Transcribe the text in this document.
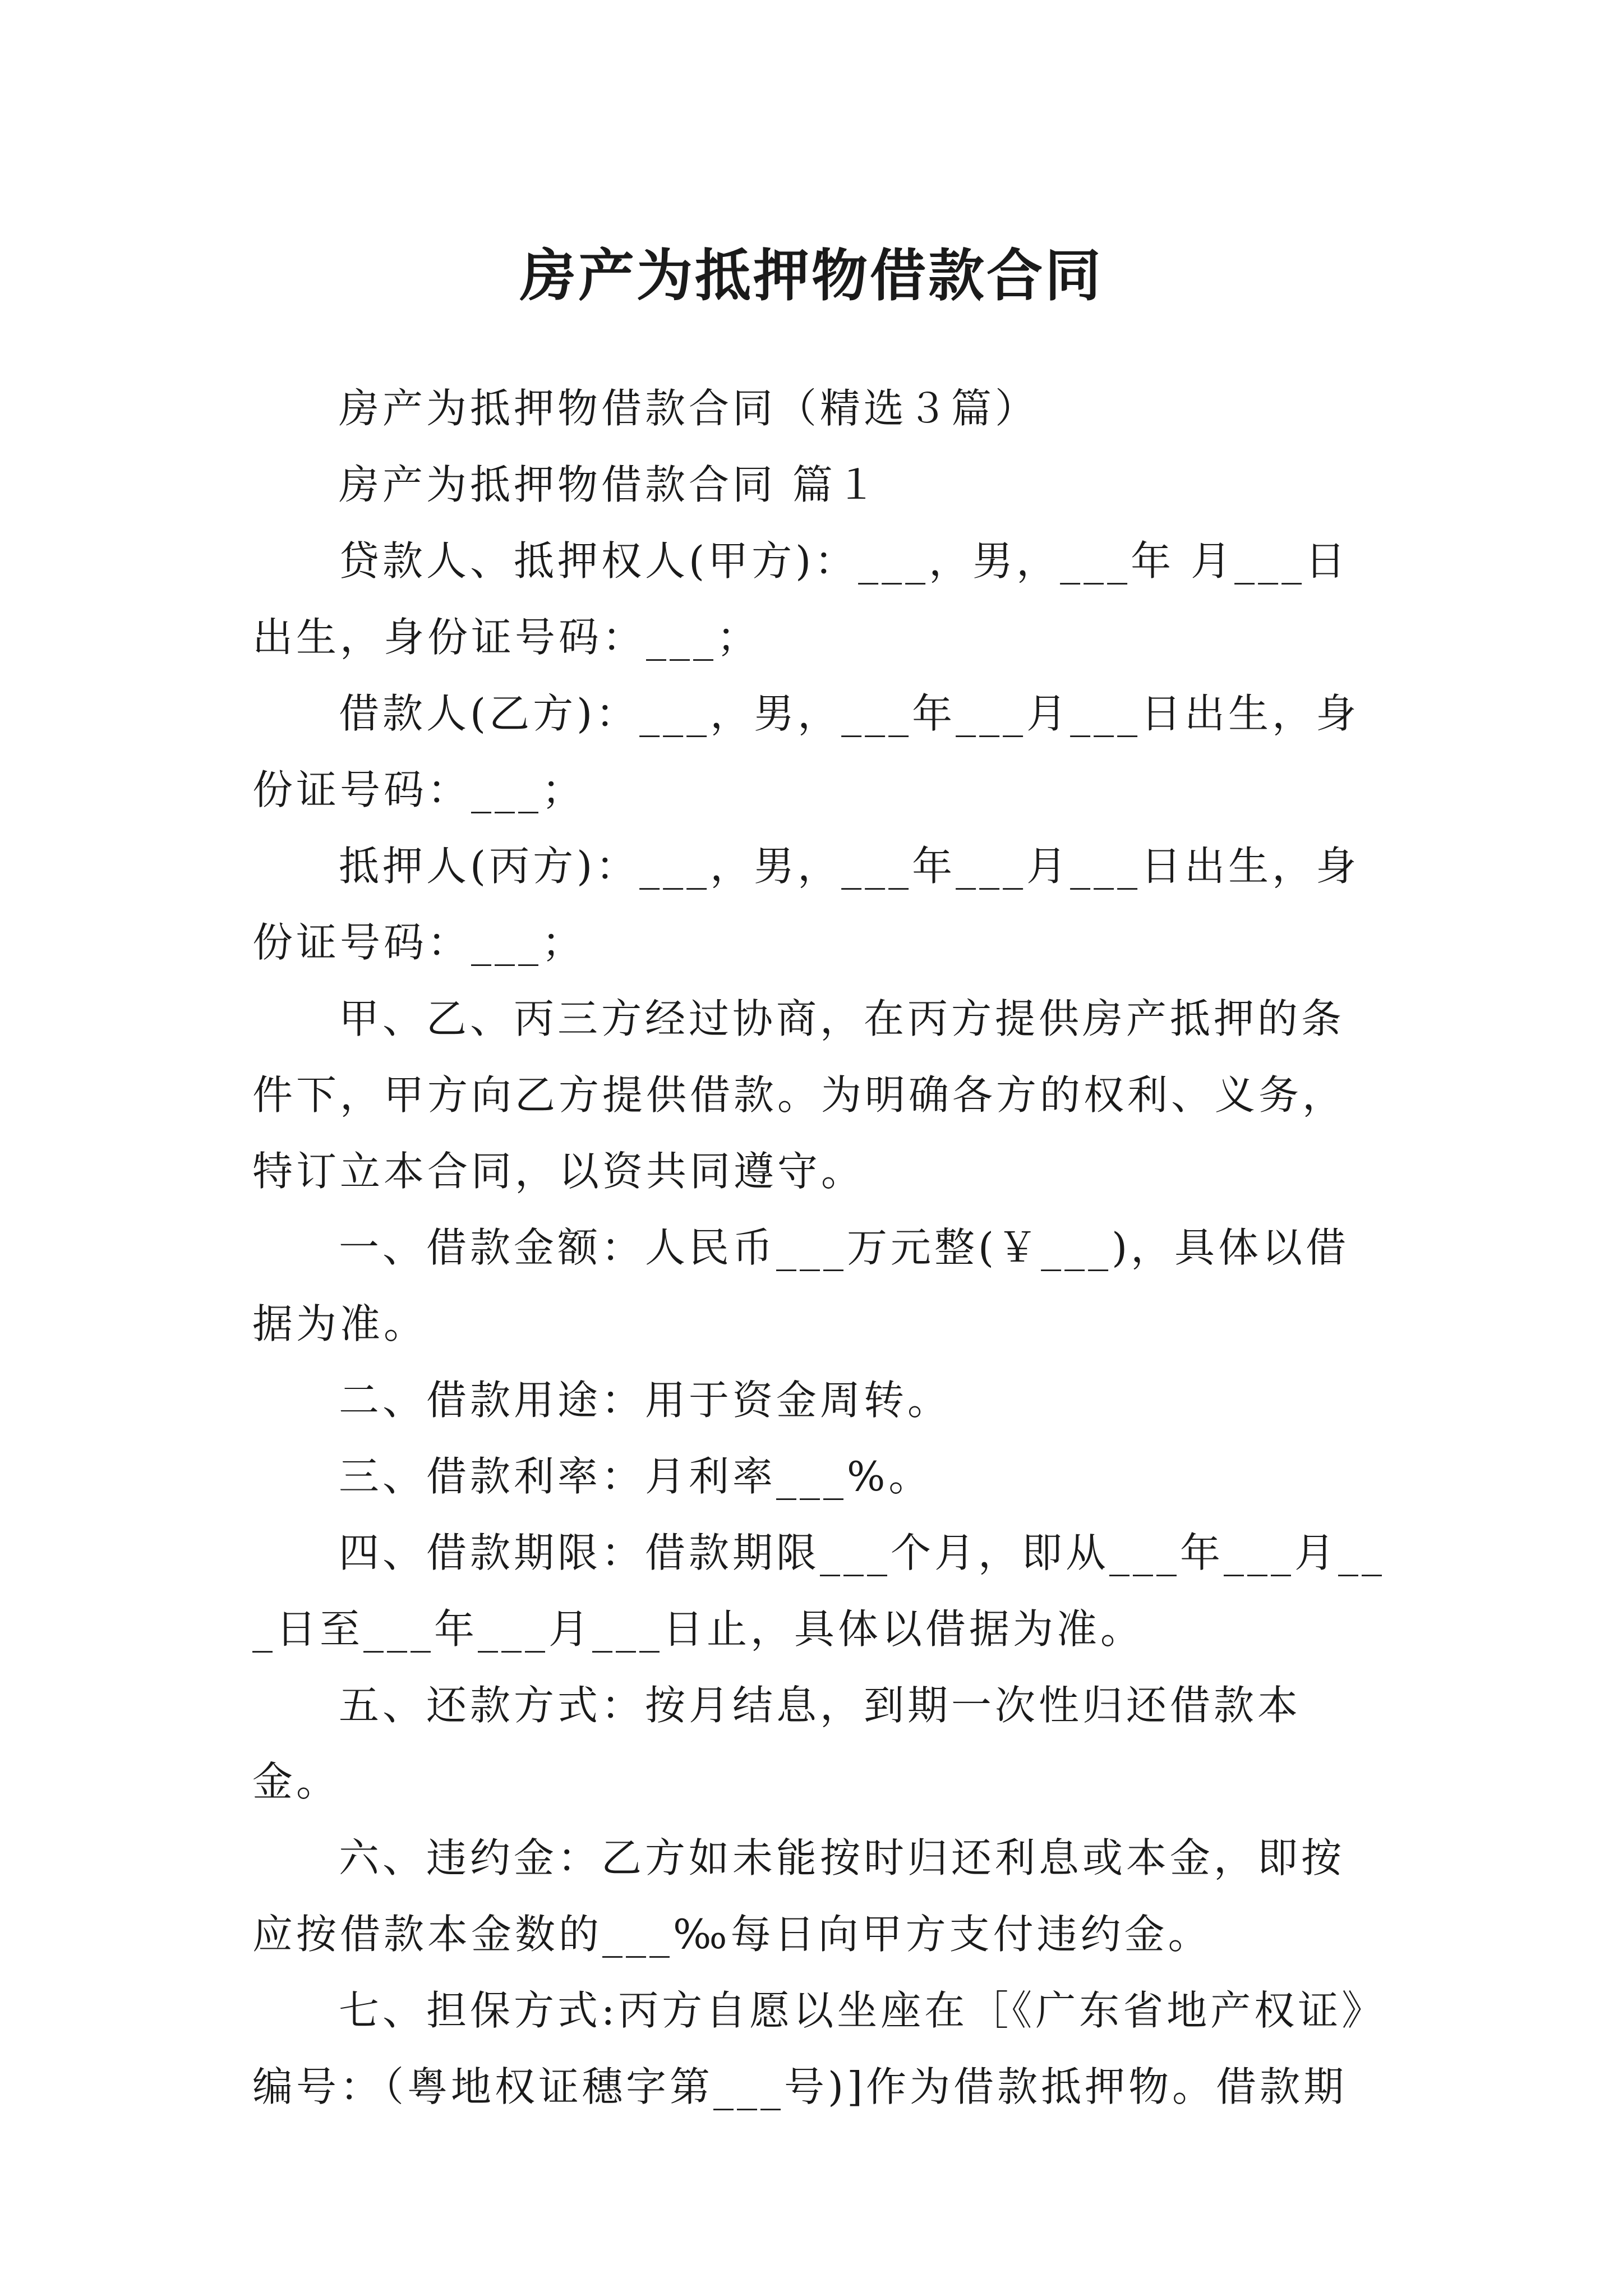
房产为抵押物借款合同

房产为抵押物借款合同（精选３篇）

房产为抵押物借款合同 篇１

贷款人、抵押权人(甲方)：___，男，___年 月___日出生，身份证号码：___；

借款人(乙方)：___，男，___年___月___日出生，身份证号码：___；

抵押人(丙方)：___，男，___年___月___日出生，身份证号码：___；

甲、乙、丙三方经过协商，在丙方提供房产抵押的条件下，甲方向乙方提供借款。为明确各方的权利、义务，特订立本合同，以资共同遵守。

一、借款金额：人民币___万元整(￥___)，具体以借据为准。

二、借款用途：用于资金周转。

三、借款利率：月利率___%。

四、借款期限：借款期限___个月，即从___年___月___日至___年___月___日止，具体以借据为准。

五、还款方式：按月结息，到期一次性归还借款本金。

六、违约金：乙方如未能按时归还利息或本金，即按应按借款本金数的___‰每日向甲方支付违约金。

七、担保方式:丙方自愿以坐座在［《广东省地产权证》编号：（粤地权证穗字第___号)]作为借款抵押物。借款期
